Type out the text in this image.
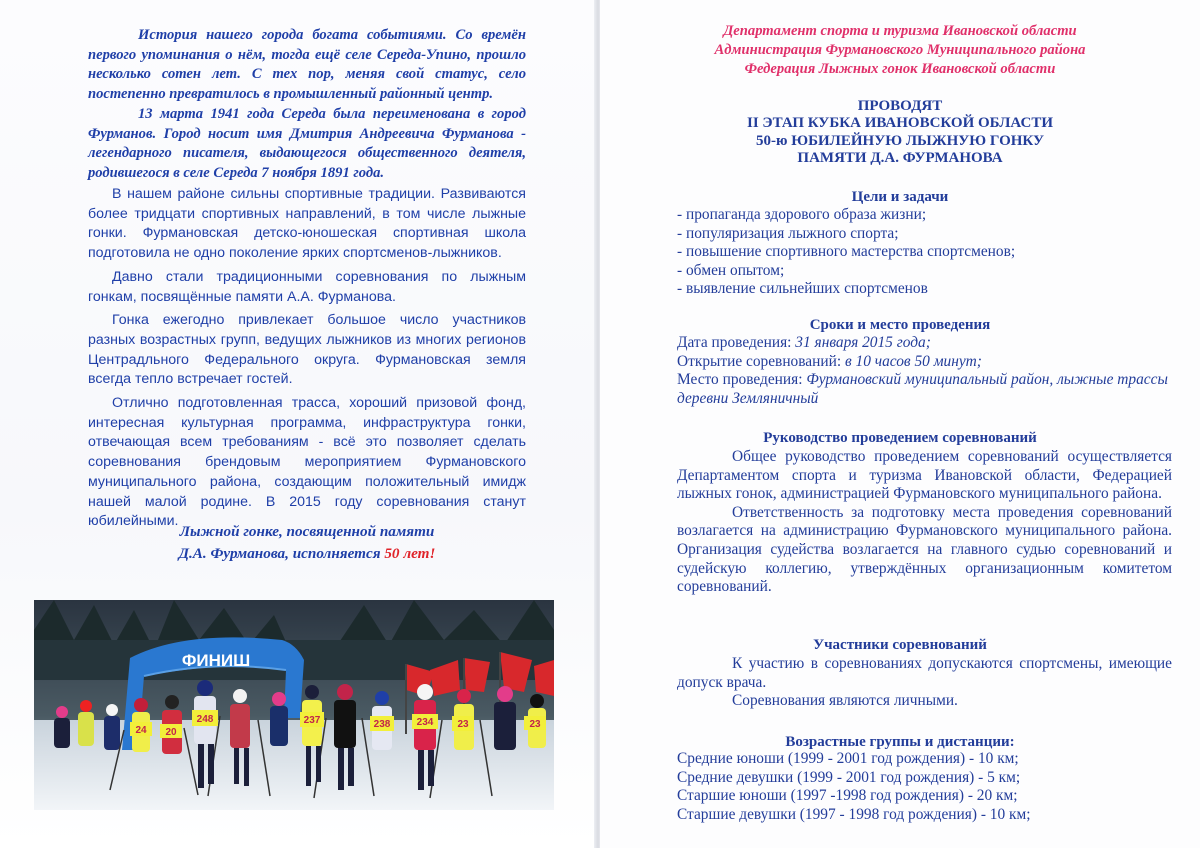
История нашего города богата событиями. Со времён первого упоминания о нём, тогда ещё селе Середа-Упино, прошло несколько сотен лет. С тех пор, меняя свой статус, село постепенно превратилось в промышленный районный центр.

13 марта 1941 года Середа была переименована в город Фурманов. Город носит имя Дмитрия Андреевича Фурманова - легендарного писателя, выдающегося общественного деятеля, родившегося в селе Середа 7 ноября 1891 года.

В нашем районе сильны спортивные традиции. Развиваются более тридцати спортивных направлений, в том числе лыжные гонки. Фурмановская детско-юношеская спортивная школа подготовила не одно поколение ярких спортсменов-лыжников.

Давно стали традиционными соревнования по лыжным гонкам, посвящённые памяти А.А. Фурманова.

Гонка ежегодно привлекает большое число участников разных возрастных групп, ведущих лыжников из многих регионов Центрадльного Федерального округа. Фурмановская земля всегда тепло встречает гостей.

Отлично подготовленная трасса, хороший призовой фонд, интересная культурная программа, инфраструктура гонки, отвечающая всем требованиям - всё это позволяет сделать соревнования брендовым мероприятием Фурмановского муниципального района, создающим положительный имидж нашей малой родине. В 2015 году соревнования станут юбилейными.

Лыжной гонке, посвященной памяти
Д.А. Фурманова, исполняется 50 лет!
ФИНИШ
248	237	238	23
234
20
24
23
Департамент спорта и туризма Ивановской области
Администрация Фурмановского Муниципального района
Федерация Лыжных гонок Ивановской области
ПРОВОДЯТ
II ЭТАП КУБКА ИВАНОВСКОЙ ОБЛАСТИ
50-ю ЮБИЛЕЙНУЮ ЛЫЖНУЮ ГОНКУ
ПАМЯТИ Д.А. ФУРМАНОВА
Цели и задачи

- пропаганда здорового образа жизни;

- популяризация лыжного спорта;

- повышение спортивного мастерства спортсменов;

- обмен опытом;

- выявление сильнейших спортсменов

Сроки и место проведения

Дата проведения: 31 января 2015 года;

Открытие соревнований: в 10 часов 50 минут;

Место проведения: Фурмановский муниципальный район, лыжные трассы деревни Земляничный

Руководство проведением соревнований

Общее руководство проведением соревнований осуществляется Департаментом спорта и туризма Ивановской области, Федерацией лыжных гонок, администрацией Фурмановского муниципального района.

Ответственность за подготовку места проведения соревнований возлагается на администрацию Фурмановского муниципального района. Организация судейства возлагается на главного судью соревнований и судейскую коллегию, утверждённых организационным комитетом соревнований.

Участники соревнований

К участию в соревнованиях допускаются спортсмены, имеющие допуск врача.

Соревнования являются личными.

Возрастные группы и дистанции:

Средние юноши (1999 - 2001 год рождения) - 10 км;

Средние девушки (1999 - 2001 год рождения) - 5 км;

Старшие юноши (1997 -1998 год рождения) - 20 км;

Старшие девушки (1997 - 1998 год рождения) - 10 км;
